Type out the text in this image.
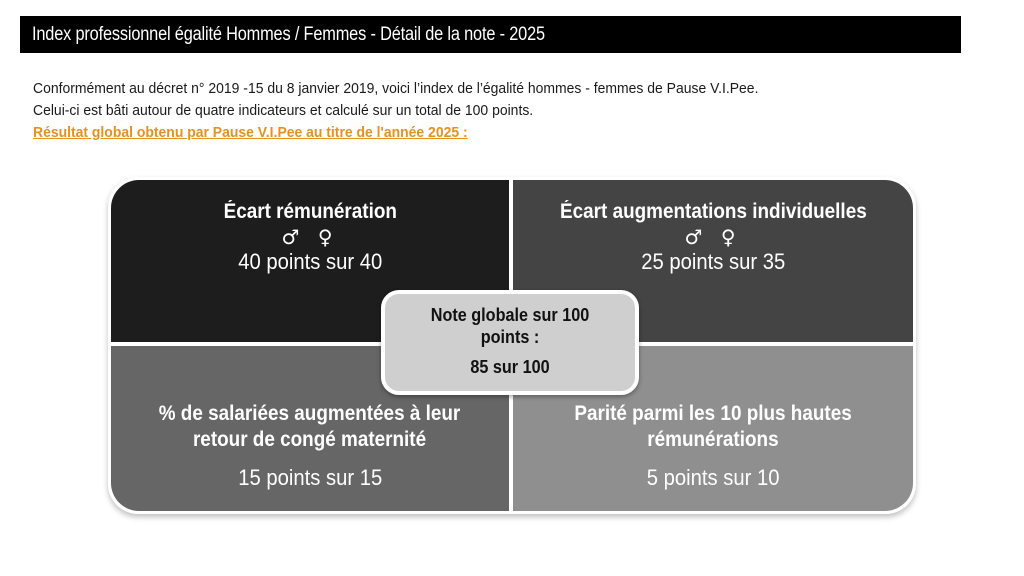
Index professionnel égalité Hommes / Femmes - Détail de la note - 2025
Conformément au décret n° 2019 -15 du 8 janvier 2019, voici l’index de l’égalité hommes - femmes de Pause V.I.Pee.
Celui-ci est bâti autour de quatre indicateurs et calculé sur un total de 100 points.
Résultat global obtenu par Pause V.I.Pee au titre de l'année 2025 :
Écart rémunération
♂ ♀
40 points sur 40
Écart augmentations individuelles
♂ ♀
25 points sur 35
% de salariées augmentées à leur
retour de congé maternité
15 points sur 15
Parité parmi les 10 plus hautes
rémunérations
5 points sur 10
Note globale sur 100
points :
85 sur 100
